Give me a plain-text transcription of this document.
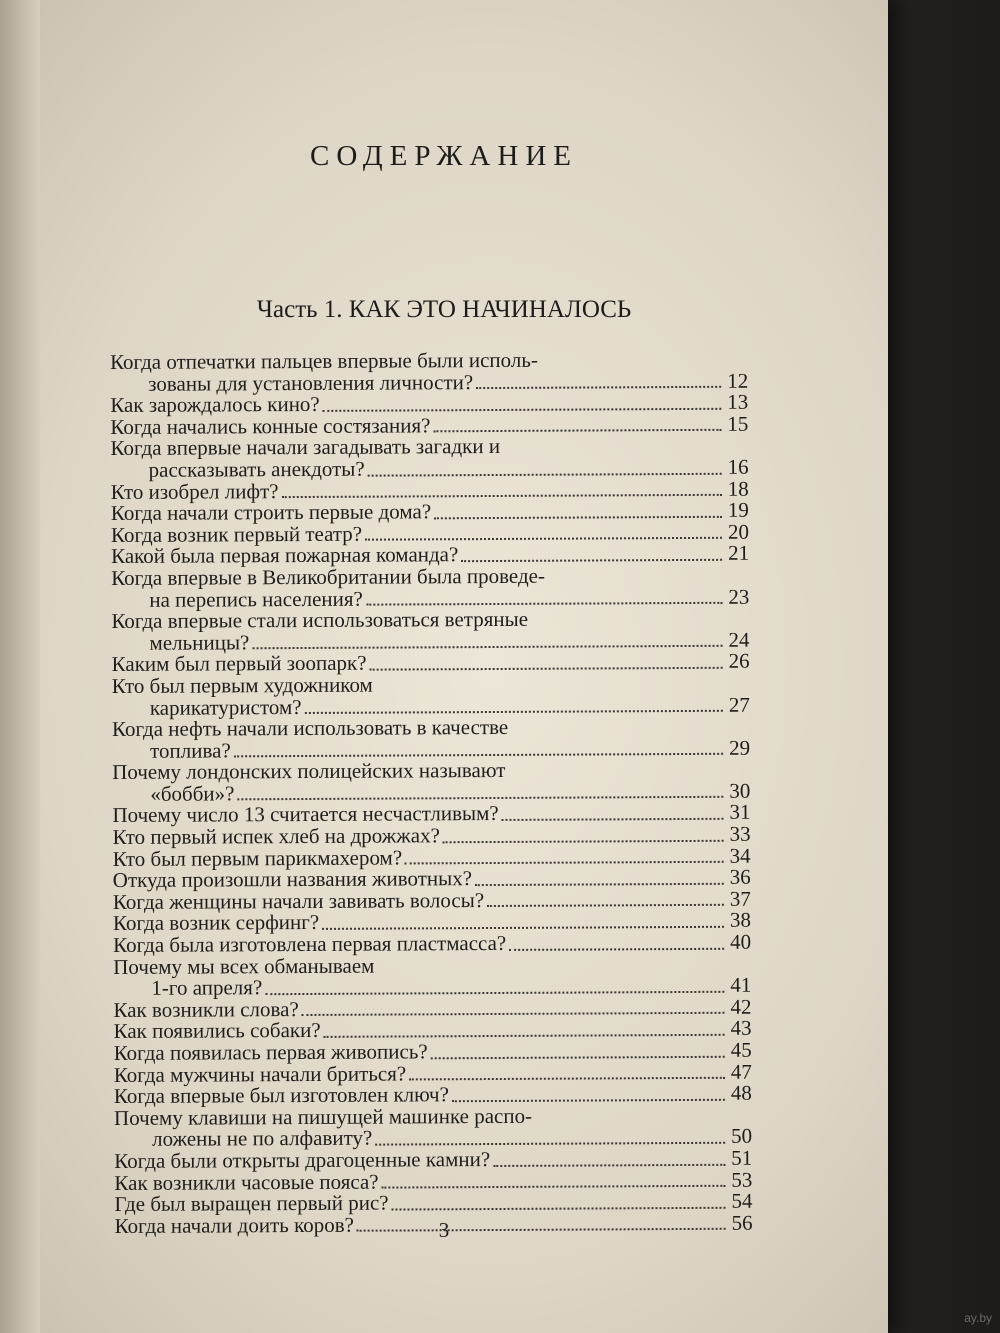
СОДЕРЖАНИЕ
Часть 1. КАК ЭТО НАЧИНАЛОСЬ
Когда отпечатки пальцев впервые были исполь-
зованы для установления личности?	12
Как зарождалось кино?	13
Когда начались конные состязания?	15
Когда впервые начали загадывать загадки и
рассказывать анекдоты?	16
Кто изобрел лифт?	18
Когда начали строить первые дома?	19
Когда возник первый театр?	20
Какой была первая пожарная команда?	21
Когда впервые в Великобритании была проведе-
на перепись населения?	23
Когда впервые стали использоваться ветряные
мельницы?	24
Каким был первый зоопарк?	26
Кто был первым художником
карикатуристом?	27
Когда нефть начали использовать в качестве
топлива?	29
Почему лондонских полицейских называют
«бобби»?	30
Почему число 13 считается несчастливым?	31
Кто первый испек хлеб на дрожжах?	33
Кто был первым парикмахером?	34
Откуда произошли названия животных?	36
Когда женщины начали завивать волосы?	37
Когда возник серфинг?	38
Когда была изготовлена первая пластмасса?	40
Почему мы всех обманываем
1-го апреля?	41
Как возникли слова?	42
Как появились собаки?	43
Когда появилась первая живопись?	45
Когда мужчины начали бриться?	47
Когда впервые был изготовлен ключ?	48
Почему клавиши на пишущей машинке распо-
ложены не по алфавиту?	50
Когда были открыты драгоценные камни?	51
Как возникли часовые пояса?	53
Где был выращен первый рис?	54
Когда начали доить коров?	56
3
ay.by
